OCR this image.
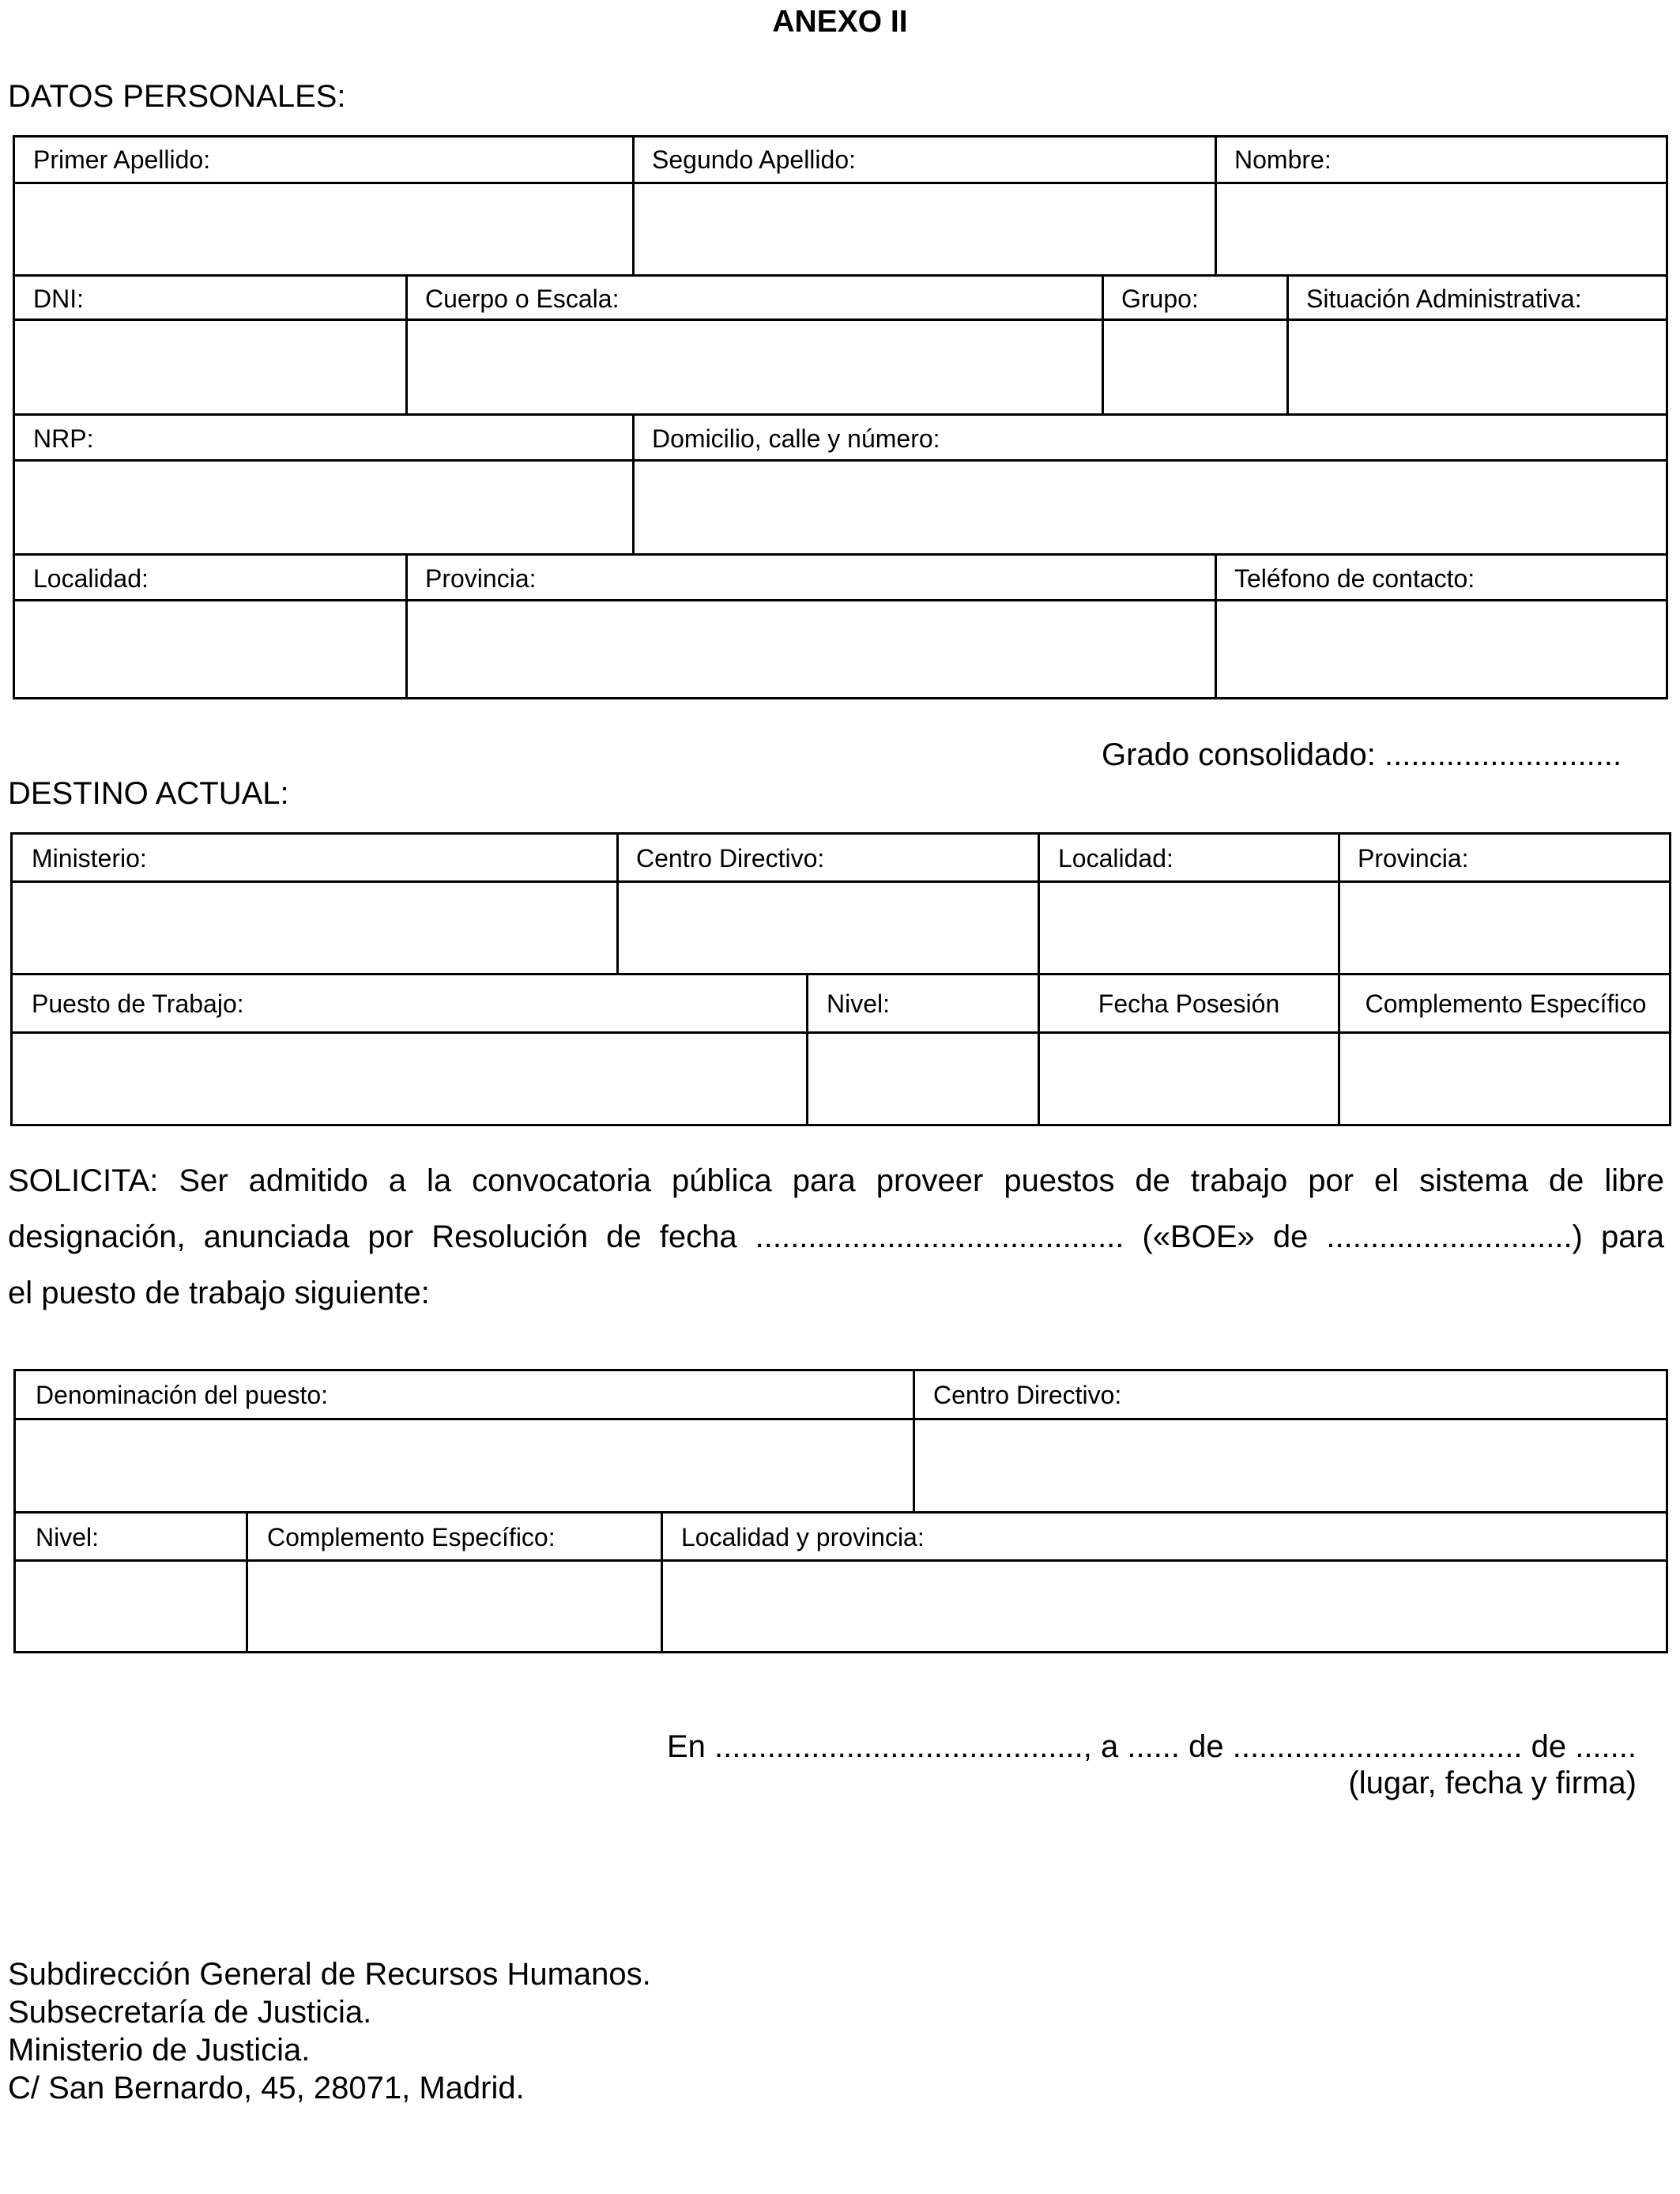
ANEXO II
DATOS PERSONALES:
Primer Apellido:	Segundo Apellido:	Nombre:
DNI:	Cuerpo o Escala:	Grupo:	Situación Administrativa:
NRP:	Domicilio, calle y número:
Localidad:	Provincia:	Teléfono de contacto:
Grado consolidado: ...........................
DESTINO ACTUAL:
Ministerio:	Centro Directivo:	Localidad:	Provincia:
Puesto de Trabajo:	Nivel:	Fecha Posesión	Complemento Específico
SOLICITA: Ser admitido a la convocatoria pública para proveer puestos de trabajo por el sistema de libre
designación, anunciada por Resolución de fecha .......................................... («BOE» de ............................) para
el puesto de trabajo siguiente:
Denominación del puesto:	Centro Directivo:
Nivel:	Complemento Específico:	Localidad y provincia:
En .........................................., a ...... de ................................. de .......
(lugar, fecha y firma)
Subdirección General de Recursos Humanos.
Subsecretaría de Justicia.
Ministerio de Justicia.
C/ San Bernardo, 45, 28071, Madrid.
